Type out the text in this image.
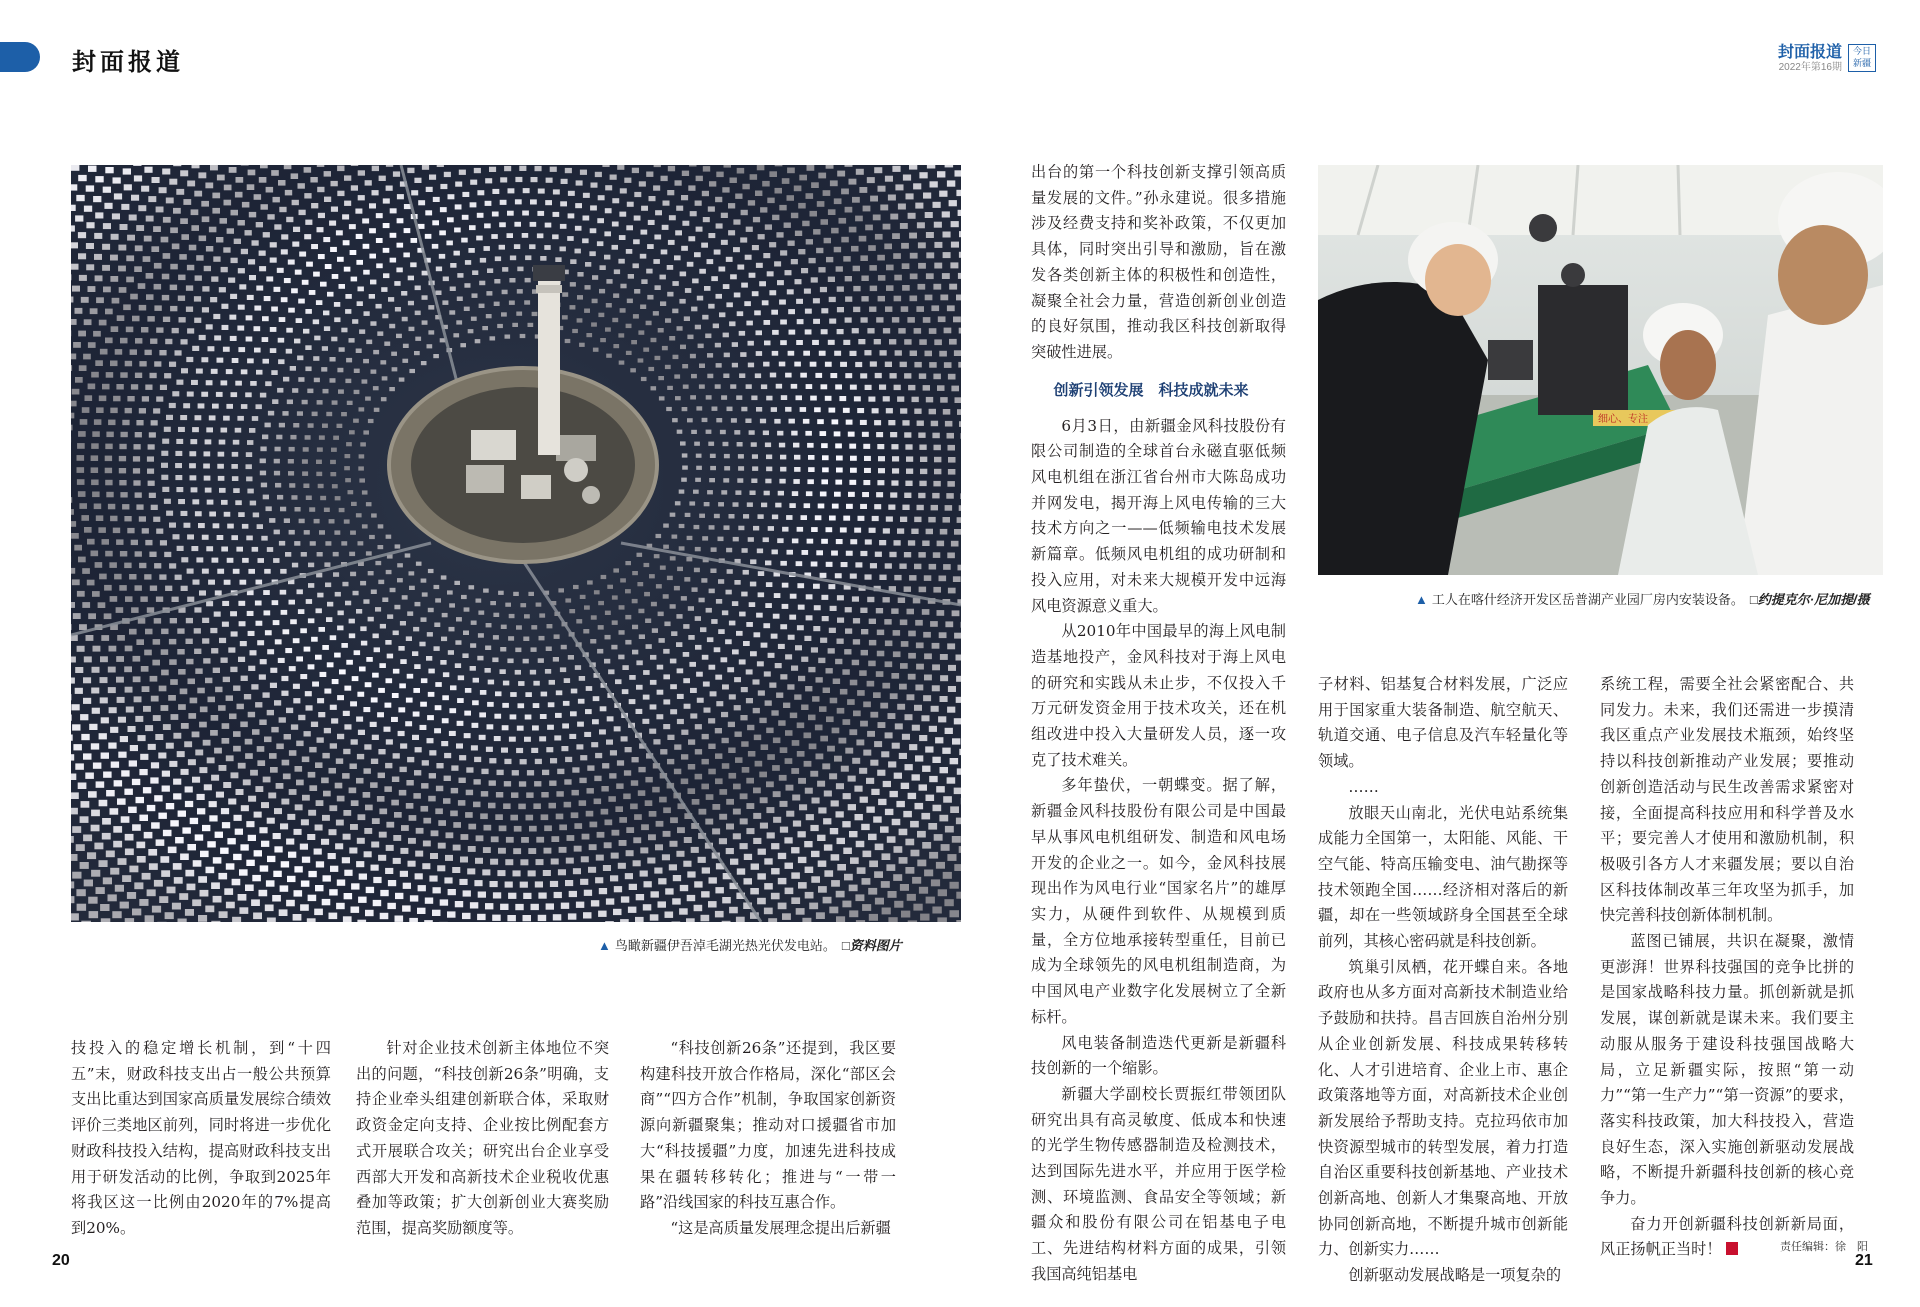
封面报道	封面报道
2022年第16期
今日新疆
▲ 鸟瞰新疆伊吾淖毛湖光热光伏发电站。 □资料图片
细心、专注
▲ 工人在喀什经济开发区岳普湖产业园厂房内安装设备。 □约提克尔·尼加提/摄

技投入的稳定增长机制，到“十四五”末，财政科技支出占一般公共预算支出比重达到国家高质量发展综合绩效评价三类地区前列，同时将进一步优化财政科技投入结构，提高财政科技支出用于研发活动的比例，争取到2025年将我区这一比例由2020年的7%提高到20%。

针对企业技术创新主体地位不突出的问题，“科技创新26条”明确，支持企业牵头组建创新联合体，采取财政资金定向支持、企业按比例配套方式开展联合攻关；研究出台企业享受西部大开发和高新技术企业税收优惠叠加等政策；扩大创新创业大赛奖励范围，提高奖励额度等。

“科技创新26条”还提到，我区要构建科技开放合作格局，深化“部区会商”“四方合作”机制，争取国家创新资源向新疆聚集；推动对口援疆省市加大“科技援疆”力度，加速先进科技成果在疆转移转化；推进与“一带一路”沿线国家的科技互惠合作。

“这是高质量发展理念提出后新疆

出台的第一个科技创新支撑引领高质量发展的文件。”孙永建说。很多措施涉及经费支持和奖补政策，不仅更加具体，同时突出引导和激励，旨在激发各类创新主体的积极性和创造性，凝聚全社会力量，营造创新创业创造的良好氛围，推动我区科技创新取得突破性进展。

创新引领发展　科技成就未来

6月3日，由新疆金风科技股份有限公司制造的全球首台永磁直驱低频风电机组在浙江省台州市大陈岛成功并网发电，揭开海上风电传输的三大技术方向之一——低频输电技术发展新篇章。低频风电机组的成功研制和投入应用，对未来大规模开发中远海风电资源意义重大。

从2010年中国最早的海上风电制造基地投产，金风科技对于海上风电的研究和实践从未止步，不仅投入千万元研发资金用于技术攻关，还在机组改进中投入大量研发人员，逐一攻克了技术难关。

多年蛰伏，一朝蝶变。据了解，新疆金风科技股份有限公司是中国最早从事风电机组研发、制造和风电场开发的企业之一。如今，金风科技展现出作为风电行业“国家名片”的雄厚实力，从硬件到软件、从规模到质量，全方位地承接转型重任，目前已成为全球领先的风电机组制造商，为中国风电产业数字化发展树立了全新标杆。

风电装备制造迭代更新是新疆科技创新的一个缩影。

新疆大学副校长贾振红带领团队研究出具有高灵敏度、低成本和快速的光学生物传感器制造及检测技术，达到国际先进水平，并应用于医学检测、环境监测、食品安全等领域；新疆众和股份有限公司在铝基电子电工、先进结构材料方面的成果，引领我国高纯铝基电

子材料、铝基复合材料发展，广泛应用于国家重大装备制造、航空航天、轨道交通、电子信息及汽车轻量化等领域。

……

放眼天山南北，光伏电站系统集成能力全国第一，太阳能、风能、干空气能、特高压输变电、油气勘探等技术领跑全国……经济相对落后的新疆，却在一些领域跻身全国甚至全球前列，其核心密码就是科技创新。

筑巢引凤栖，花开蝶自来。各地政府也从多方面对高新技术制造业给予鼓励和扶持。昌吉回族自治州分别从企业创新发展、科技成果转移转化、人才引进培育、企业上市、惠企政策落地等方面，对高新技术企业创新发展给予帮助支持。克拉玛依市加快资源型城市的转型发展，着力打造自治区重要科技创新基地、产业技术创新高地、创新人才集聚高地、开放协同创新高地，不断提升城市创新能力、创新实力……

创新驱动发展战略是一项复杂的

系统工程，需要全社会紧密配合、共同发力。未来，我们还需进一步摸清我区重点产业发展技术瓶颈，始终坚持以科技创新推动产业发展；要推动创新创造活动与民生改善需求紧密对接，全面提高科技应用和科学普及水平；要完善人才使用和激励机制，积极吸引各方人才来疆发展；要以自治区科技体制改革三年攻坚为抓手，加快完善科技创新体制机制。

蓝图已铺展，共识在凝聚，激情更澎湃！世界科技强国的竞争比拼的是国家战略科技力量。抓创新就是抓发展，谋创新就是谋未来。我们要主动服从服务于建设科技强国战略大局，立足新疆实际，按照“第一动力”“第一生产力”“第一资源”的要求，落实科技政策，加大科技投入，营造良好生态，深入实施创新驱动发展战略，不断提升新疆科技创新的核心竞争力。

奋力开创新疆科技创新新局面，风正扬帆正当时！

20	21
责任编辑：徐　阳
